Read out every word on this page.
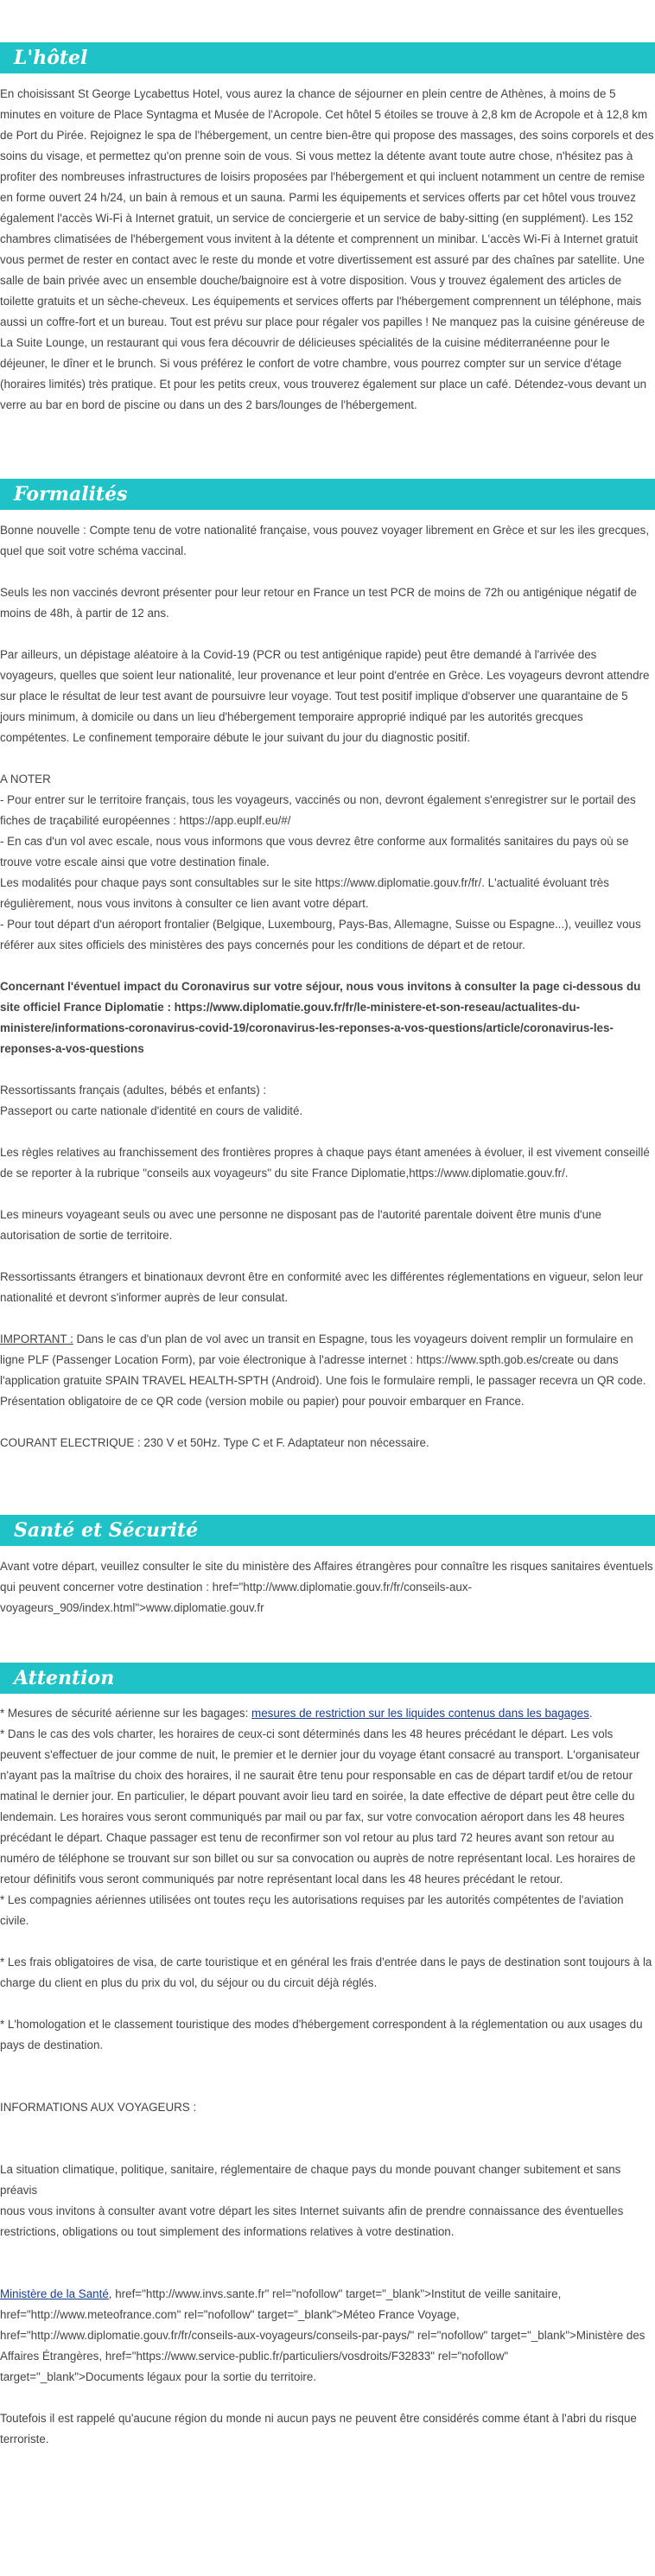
L'hôtel

En choisissant St George Lycabettus Hotel, vous aurez la chance de séjourner en plein centre de Athènes, à moins de 5 minutes en voiture de Place Syntagma et Musée de l'Acropole. Cet hôtel 5 étoiles se trouve à 2,8 km de Acropole et à 12,8 km de Port du Pirée. Rejoignez le spa de l'hébergement, un centre bien-être qui propose des massages, des soins corporels et des soins du visage, et permettez qu'on prenne soin de vous. Si vous mettez la détente avant toute autre chose, n'hésitez pas à profiter des nombreuses infrastructures de loisirs proposées par l'hébergement et qui incluent notamment un centre de remise en forme ouvert 24 h/24, un bain à remous et un sauna. Parmi les équipements et services offerts par cet hôtel vous trouvez également l'accès Wi-Fi à Internet gratuit, un service de conciergerie et un service de baby-sitting (en supplément). Les 152 chambres climatisées de l'hébergement vous invitent à la détente et comprennent un minibar. L'accès Wi-Fi à Internet gratuit vous permet de rester en contact avec le reste du monde et votre divertissement est assuré par des chaînes par satellite. Une salle de bain privée avec un ensemble douche/baignoire est à votre disposition. Vous y trouvez également des articles de toilette gratuits et un sèche-cheveux. Les équipements et services offerts par l'hébergement comprennent un téléphone, mais aussi un coffre-fort et un bureau. Tout est prévu sur place pour régaler vos papilles ! Ne manquez pas la cuisine généreuse de La Suite Lounge, un restaurant qui vous fera découvrir de délicieuses spécialités de la cuisine méditerranéenne pour le déjeuner, le dîner et le brunch. Si vous préférez le confort de votre chambre, vous pourrez compter sur un service d'étage (horaires limités) très pratique. Et pour les petits creux, vous trouverez également sur place un café. Détendez-vous devant un verre au bar en bord de piscine ou dans un des 2 bars/lounges de l'hébergement.

Formalités

Bonne nouvelle : Compte tenu de votre nationalité française, vous pouvez voyager librement en Grèce et sur les iles grecques, quel que soit votre schéma vaccinal.

Seuls les non vaccinés devront présenter pour leur retour en France un test PCR de moins de 72h ou antigénique négatif de moins de 48h, à partir de 12 ans.

Par ailleurs, un dépistage aléatoire à la Covid-19 (PCR ou test antigénique rapide) peut être demandé à l'arrivée des voyageurs, quelles que soient leur nationalité, leur provenance et leur point d'entrée en Grèce. Les voyageurs devront attendre sur place le résultat de leur test avant de poursuivre leur voyage. Tout test positif implique d'observer une quarantaine de 5 jours minimum, à domicile ou dans un lieu d'hébergement temporaire approprié indiqué par les autorités grecques compétentes. Le confinement temporaire débute le jour suivant du jour du diagnostic positif.

A NOTER

- Pour entrer sur le territoire français, tous les voyageurs, vaccinés ou non, devront également s'enregistrer sur le portail des fiches de traçabilité européennes : https://app.euplf.eu/#/

- En cas d'un vol avec escale, nous vous informons que vous devrez être conforme aux formalités sanitaires du pays où se trouve votre escale ainsi que votre destination finale.

Les modalités pour chaque pays sont consultables sur le site https://www.diplomatie.gouv.fr/fr/. L'actualité évoluant très régulièrement, nous vous invitons à consulter ce lien avant votre départ.

- Pour tout départ d'un aéroport frontalier (Belgique, Luxembourg, Pays-Bas, Allemagne, Suisse ou Espagne...), veuillez vous référer aux sites officiels des ministères des pays concernés pour les conditions de départ et de retour.

Concernant l'éventuel impact du Coronavirus sur votre séjour, nous vous invitons à consulter la page ci-dessous du site officiel France Diplomatie : https://www.diplomatie.gouv.fr/fr/le-ministere-et-son-reseau/actualites-du-ministere/informations-coronavirus-covid-19/coronavirus-les-reponses-a-vos-questions/article/coronavirus-les-reponses-a-vos-questions

Ressortissants français (adultes, bébés et enfants) :

Passeport ou carte nationale d'identité en cours de validité.

Les règles relatives au franchissement des frontières propres à chaque pays étant amenées à évoluer, il est vivement conseillé de se reporter à la rubrique "conseils aux voyageurs" du site France Diplomatie,https://www.diplomatie.gouv.fr/.

Les mineurs voyageant seuls ou avec une personne ne disposant pas de l'autorité parentale doivent être munis d'une autorisation de sortie de territoire.

Ressortissants étrangers et binationaux devront être en conformité avec les différentes réglementations en vigueur, selon leur nationalité et devront s'informer auprès de leur consulat.

IMPORTANT : Dans le cas d'un plan de vol avec un transit en Espagne, tous les voyageurs doivent remplir un formulaire en ligne PLF (Passenger Location Form), par voie électronique à l'adresse internet : https://www.spth.gob.es/create ou dans l'application gratuite SPAIN TRAVEL HEALTH-SPTH (Android). Une fois le formulaire rempli, le passager recevra un QR code. Présentation obligatoire de ce QR code (version mobile ou papier) pour pouvoir embarquer en France.

COURANT ELECTRIQUE : 230 V et 50Hz. Type C et F. Adaptateur non nécessaire.

Santé et Sécurité

Avant votre départ, veuillez consulter le site du ministère des Affaires étrangères pour connaître les risques sanitaires éventuels qui peuvent concerner votre destination : href="http://www.diplomatie.gouv.fr/fr/conseils-aux-voyageurs_909/index.html">www.diplomatie.gouv.fr

Attention

* Mesures de sécurité aérienne sur les bagages: mesures de restriction sur les liquides contenus dans les bagages.

* Dans le cas des vols charter, les horaires de ceux-ci sont déterminés dans les 48 heures précédant le départ. Les vols peuvent s'effectuer de jour comme de nuit, le premier et le dernier jour du voyage étant consacré au transport. L'organisateur n'ayant pas la maîtrise du choix des horaires, il ne saurait être tenu pour responsable en cas de départ tardif et/ou de retour matinal le dernier jour. En particulier, le départ pouvant avoir lieu tard en soirée, la date effective de départ peut être celle du lendemain. Les horaires vous seront communiqués par mail ou par fax, sur votre convocation aéroport dans les 48 heures précédant le départ. Chaque passager est tenu de reconfirmer son vol retour au plus tard 72 heures avant son retour au numéro de téléphone se trouvant sur son billet ou sur sa convocation ou auprès de notre représentant local. Les horaires de retour définitifs vous seront communiqués par notre représentant local dans les 48 heures précédant le retour.

* Les compagnies aériennes utilisées ont toutes reçu les autorisations requises par les autorités compétentes de l'aviation civile.

* Les frais obligatoires de visa, de carte touristique et en général les frais d'entrée dans le pays de destination sont toujours à la charge du client en plus du prix du vol, du séjour ou du circuit déjà réglés.

* L'homologation et le classement touristique des modes d'hébergement correspondent à la réglementation ou aux usages du pays de destination.

INFORMATIONS AUX VOYAGEURS :

La situation climatique, politique, sanitaire, réglementaire de chaque pays du monde pouvant changer subitement et sans préavis

nous vous invitons à consulter avant votre départ les sites Internet suivants afin de prendre connaissance des éventuelles restrictions, obligations ou tout simplement des informations relatives à votre destination.

Ministère de la Santé, href="http://www.invs.sante.fr" rel="nofollow" target="_blank">Institut de veille sanitaire, href="http://www.meteofrance.com" rel="nofollow" target="_blank">Méteo France Voyage, href="http://www.diplomatie.gouv.fr/fr/conseils-aux-voyageurs/conseils-par-pays/" rel="nofollow" target="_blank">Ministère des Affaires Étrangères, href="https://www.service-public.fr/particuliers/vosdroits/F32833" rel="nofollow" target="_blank">Documents légaux pour la sortie du territoire.

Toutefois il est rappelé qu'aucune région du monde ni aucun pays ne peuvent être considérés comme étant à l'abri du risque terroriste.
